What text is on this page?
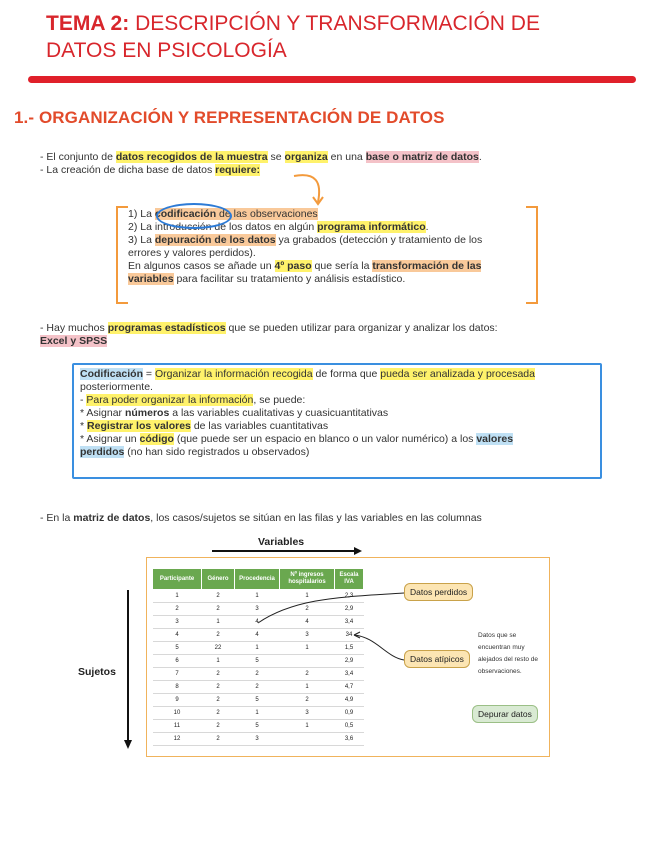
TEMA 2: DESCRIPCIÓN Y TRANSFORMACIÓN DE
DATOS EN PSICOLOGÍA
1.- ORGANIZACIÓN Y REPRESENTACIÓN DE DATOS
- El conjunto de datos recogidos de la muestra se organiza en una base o matriz de datos.
- La creación de dicha base de datos requiere:
1) La codificación de las observaciones
2) La introducción de los datos en algún programa informático.
3) La depuración de los datos ya grabados (detección y tratamiento de los
errores y valores perdidos).
En algunos casos se añade un 4º paso que sería la transformación de las
variables para facilitar su tratamiento y análisis estadístico.
- Hay muchos programas estadísticos que se pueden utilizar para organizar y analizar los datos:
Excel y SPSS
Codificación = Organizar la información recogida de forma que pueda ser analizada y procesada
posteriormente.
- Para poder organizar la información, se puede:
* Asignar números a las variables cualitativas y cuasicuantitativas
* Registrar los valores de las variables cuantitativas
* Asignar un código (que puede ser un espacio en blanco o un valor numérico) a los valores
perdidos (no han sido registrados u observados)
- En la matriz de datos, los casos/sujetos se sitúan en las filas y las variables en las columnas
Variables
Sujetos
Participante	Género	Procedencia	Nº ingresos hospitalarios	Escala IVA
1	2	1	1	2,3
2	2	3	2	2,9
3	1	4	4	3,4
4	2	4	3	34
5	22	1	1	1,5
6	1	5		2,9
7	2	2	2	3,4
8	2	2	1	4,7
9	2	5	2	4,9
10	2	1	3	0,9
11	2	5	1	0,5
12	2	3		3,6
Datos perdidos
Datos atípicos
Datos que se encuentran muy alejados del resto de observaciones.
Depurar datos
